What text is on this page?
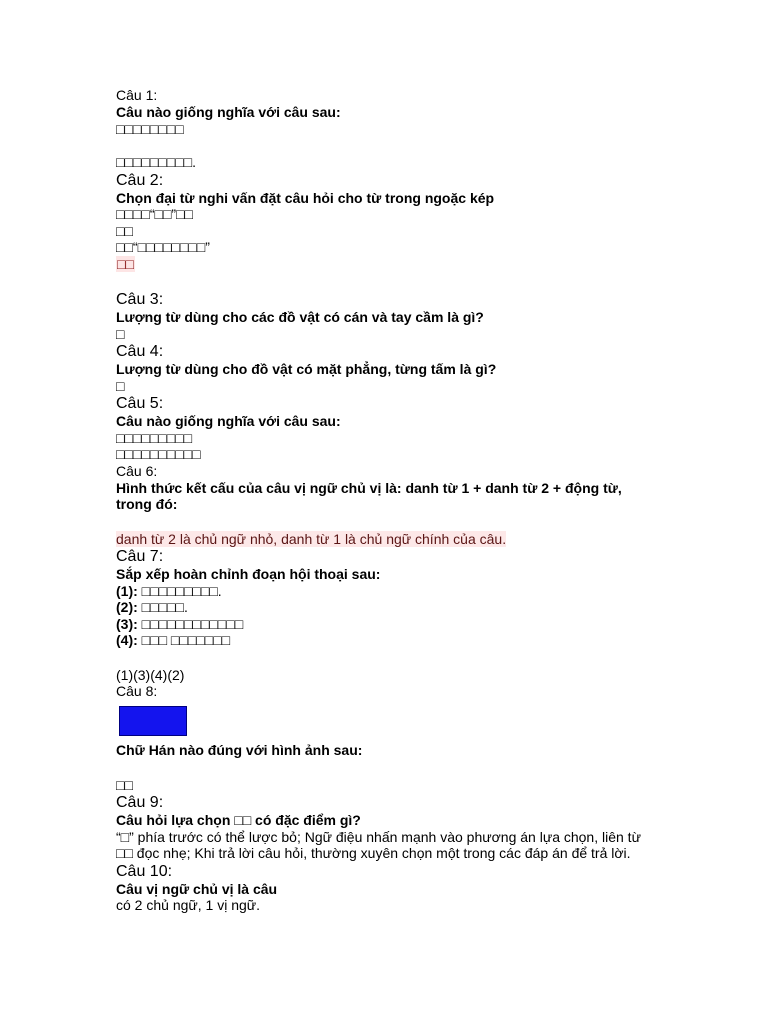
Câu 1:
Câu nào giống nghĩa với câu sau:
□□□□□□□□
□□□□□□□□□.
Câu 2:
Chọn đại từ nghi vấn đặt câu hỏi cho từ trong ngoặc kép
□□□□“□□”□□
□□
□□“□□□□□□□□”
□□
Câu 3:
Lượng từ dùng cho các đồ vật có cán và tay cầm là gì?
□
Câu 4:
Lượng từ dùng cho đồ vật có mặt phẳng, từng tấm là gì?
□
Câu 5:
Câu nào giống nghĩa với câu sau:
□□□□□□□□□
□□□□□□□□□□
Câu 6:
Hình thức kết cấu của câu vị ngữ chủ vị là: danh từ 1 + danh từ 2 + động từ, trong đó:
danh từ 2 là chủ ngữ nhỏ, danh từ 1 là chủ ngữ chính của câu.
Câu 7:
Sắp xếp hoàn chỉnh đoạn hội thoại sau:
(1): □□□□□□□□□.
(2): □□□□□.
(3): □□□□□□□□□□□□
(4): □□□ □□□□□□□
(1)(3)(4)(2)
Câu 8:
Chữ Hán nào đúng với hình ảnh sau:
□□
Câu 9:
Câu hỏi lựa chọn □□ có đặc điểm gì?
“□” phía trước có thể lược bỏ; Ngữ điệu nhấn mạnh vào phương án lựa chọn, liên từ □□ đọc nhẹ; Khi trả lời câu hỏi, thường xuyên chọn một trong các đáp án để trả lời.
Câu 10:
Câu vị ngữ chủ vị là câu
có 2 chủ ngữ, 1 vị ngữ.
